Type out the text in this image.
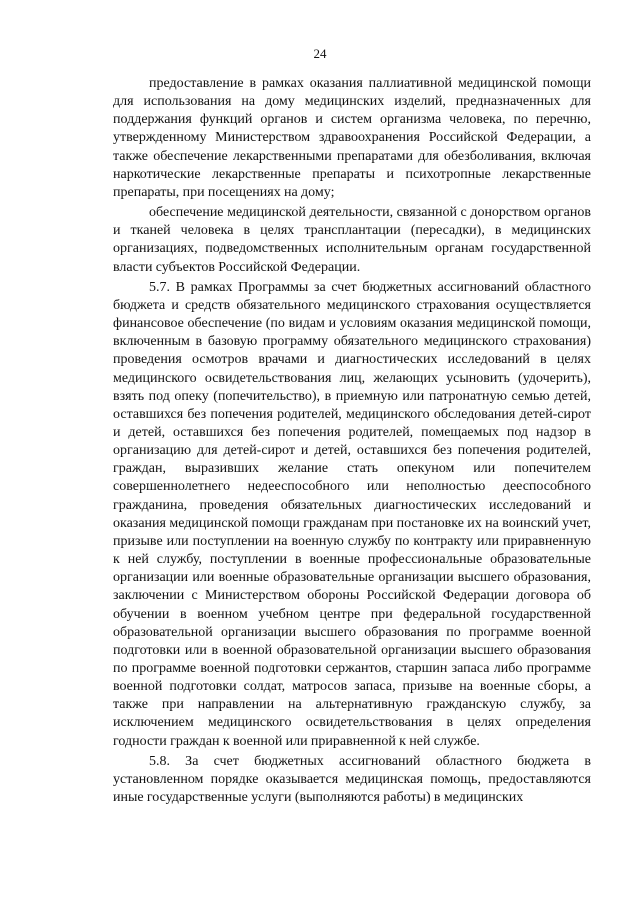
24

предоставление в рамках оказания паллиативной медицинской помощи для использования на дому медицинских изделий, предназначенных для поддержания функций органов и систем организма человека, по перечню, утвержденному Министерством здравоохранения Российской Федерации, а также обеспечение лекарственными препаратами для обезболивания, включая наркотические лекарственные препараты и психотропные лекарственные препараты, при посещениях на дому;

обеспечение медицинской деятельности, связанной с донорством органов и тканей человека в целях трансплантации (пересадки), в медицинских организациях, подведомственных исполнительным органам государственной власти субъектов Российской Федерации.

5.7. В рамках Программы за счет бюджетных ассигнований областного бюджета и средств обязательного медицинского страхования осуществляется финансовое обеспечение (по видам и условиям оказания медицинской помощи, включенным в базовую программу обязательного медицинского страхования) проведения осмотров врачами и диагностических исследований в целях медицинского освидетельствования лиц, желающих усыновить (удочерить), взять под опеку (попечительство), в приемную или патронатную семью детей, оставшихся без попечения родителей, медицинского обследования детей-сирот и детей, оставшихся без попечения родителей, помещаемых под надзор в организацию для детей-сирот и детей, оставшихся без попечения родителей, граждан, выразивших желание стать опекуном или попечителем совершеннолетнего недееспособного или неполностью дееспособного гражданина, проведения обязательных диагностических исследований и оказания медицинской помощи гражданам при постановке их на воинский учет, призыве или поступлении на военную службу по контракту или приравненную к ней службу, поступлении в военные профессиональные образовательные организации или военные образовательные организации высшего образования, заключении с Министерством обороны Российской Федерации договора об обучении в военном учебном центре при федеральной государственной образовательной организации высшего образования по программе военной подготовки или в военной образовательной организации высшего образования по программе военной подготовки сержантов, старшин запаса либо программе военной подготовки солдат, матросов запаса, призыве на военные сборы, а также при направлении на альтернативную гражданскую службу, за исключением медицинского освидетельствования в целях определения годности граждан к военной или приравненной к ней службе.

5.8. За счет бюджетных ассигнований областного бюджета в установленном порядке оказывается медицинская помощь, предоставляются иные государственные услуги (выполняются работы) в медицинских
